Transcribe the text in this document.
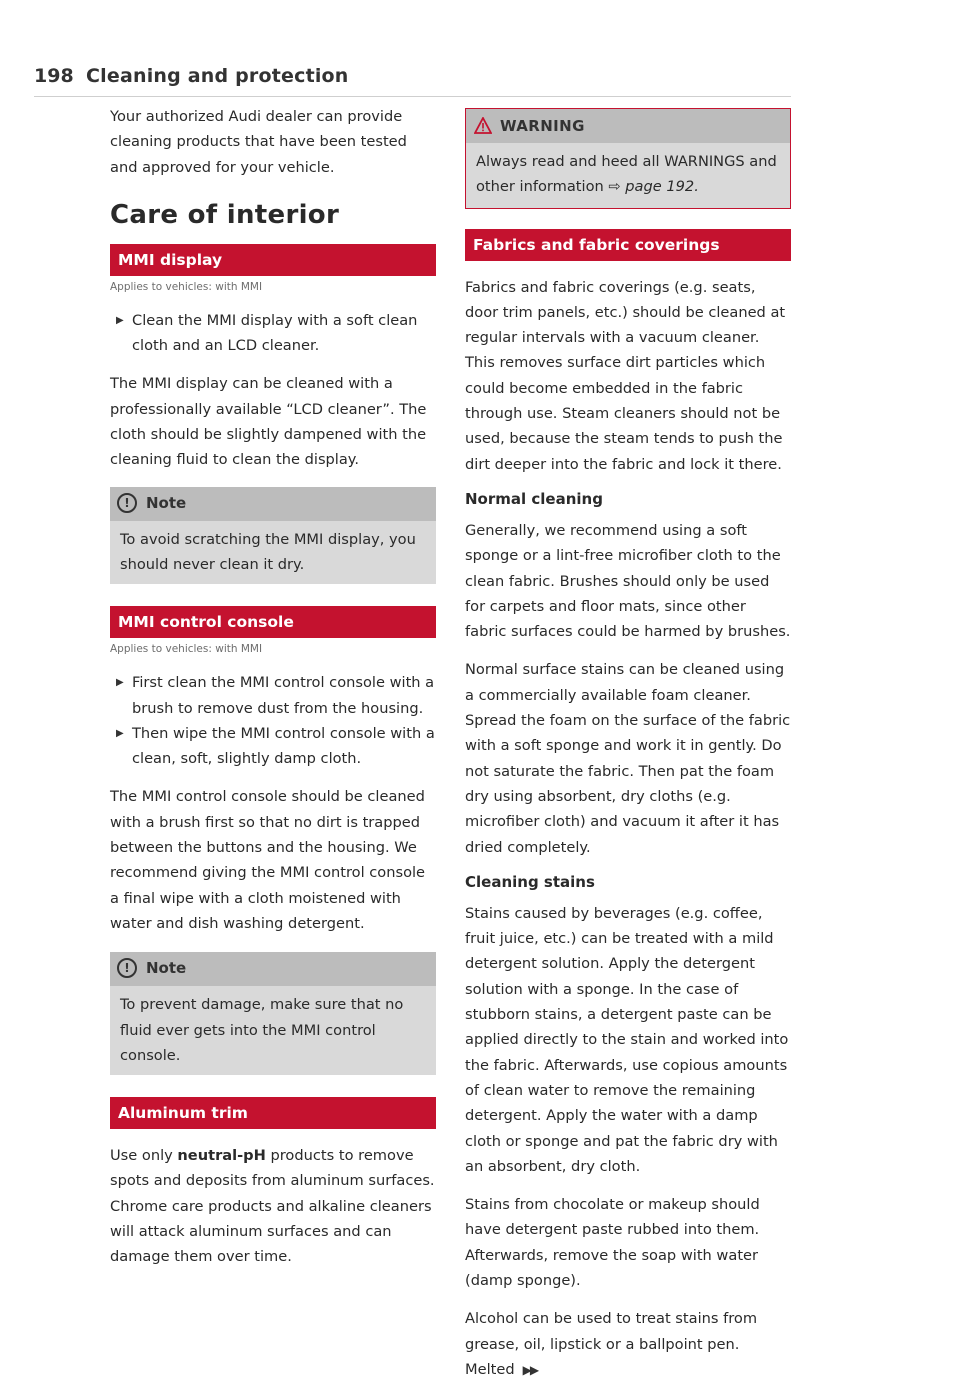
198 Cleaning and protection

Your authorized Audi dealer can provide cleaning products that have been tested and approved for your vehicle.

Care of interior
MMI display
Applies to vehicles: with MMI
▶ Clean the MMI display with a soft clean cloth and an LCD cleaner.

The MMI display can be cleaned with a professionally available “LCD cleaner”. The cloth should be slightly dampened with the cleaning fluid to clean the display.

!	Note
To avoid scratching the MMI display, you should never clean it dry.
MMI control console
Applies to vehicles: with MMI
▶ First clean the MMI control console with a brush to remove dust from the housing.
▶ Then wipe the MMI control console with a clean, soft, slightly damp cloth.

The MMI control console should be cleaned with a brush first so that no dirt is trapped between the buttons and the housing. We recommend giving the MMI control console a final wipe with a cloth moistened with water and dish washing detergent.

!	Note
To prevent damage, make sure that no fluid ever gets into the MMI control console.
Aluminum trim

Use only neutral-pH products to remove spots and deposits from aluminum surfaces. Chrome care products and alkaline cleaners will attack aluminum surfaces and can damage them over time.

WARNING
Always read and heed all WARNINGS and other information ⇨ page 192.
Fabrics and fabric coverings

Fabrics and fabric coverings (e.g. seats, door trim panels, etc.) should be cleaned at regular intervals with a vacuum cleaner. This removes surface dirt particles which could become embedded in the fabric through use. Steam cleaners should not be used, because the steam tends to push the dirt deeper into the fabric and lock it there.

Normal cleaning

Generally, we recommend using a soft sponge or a lint-free microfiber cloth to the clean fabric. Brushes should only be used for carpets and floor mats, since other fabric surfaces could be harmed by brushes.

Normal surface stains can be cleaned using a commercially available foam cleaner. Spread the foam on the surface of the fabric with a soft sponge and work it in gently. Do not saturate the fabric. Then pat the foam dry using absorbent, dry cloths (e.g. microfiber cloth) and vacuum it after it has dried completely.

Cleaning stains

Stains caused by beverages (e.g. coffee, fruit juice, etc.) can be treated with a mild detergent solution. Apply the detergent solution with a sponge. In the case of stubborn stains, a detergent paste can be applied directly to the stain and worked into the fabric. Afterwards, use copious amounts of clean water to remove the remaining detergent. Apply the water with a damp cloth or sponge and pat the fabric dry with an absorbent, dry cloth.

Stains from chocolate or makeup should have detergent paste rubbed into them. Afterwards, remove the soap with water (damp sponge).

Alcohol can be used to treat stains from grease, oil, lipstick or a ballpoint pen. Melted ▶▶
